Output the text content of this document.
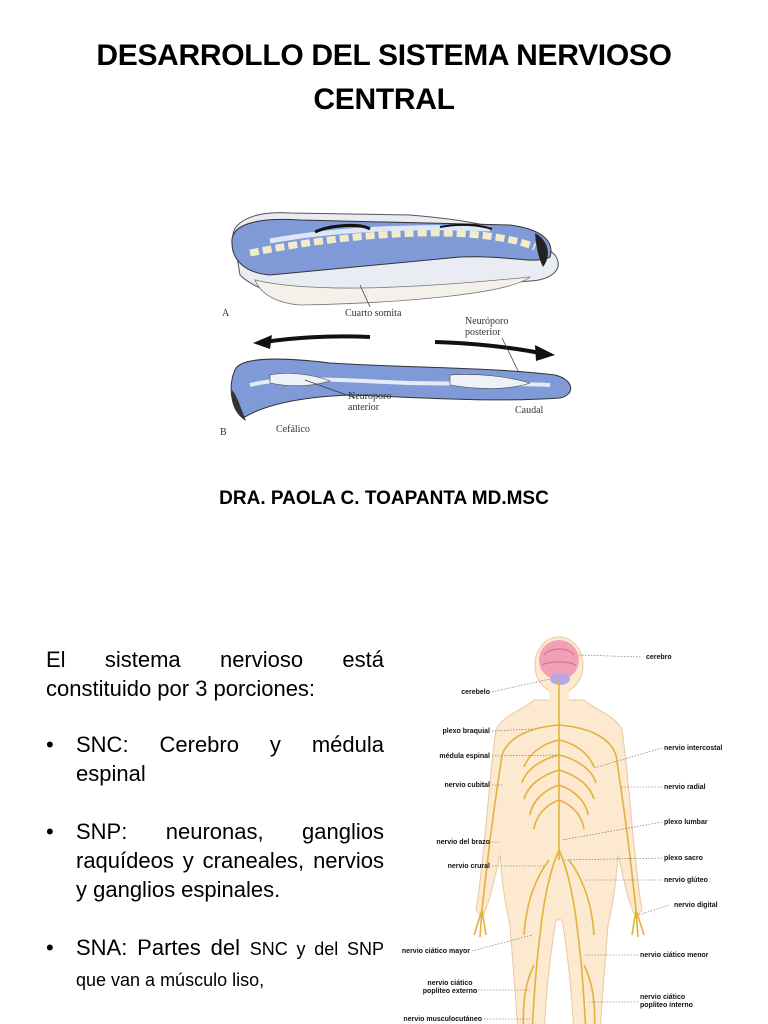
DESARROLLO DEL SISTEMA NERVIOSO
CENTRAL
A	Cuarto somita
Neuróporo
posterior
Neuroporo
anterior	Caudal
B	Cefálico
DRA. PAOLA C. TOAPANTA MD.MSC

El sistema nervioso está constituido por 3 porciones:

• SNC: Cerebro y médula espinal
• SNP: neuronas, ganglios raquídeos y craneales, nervios y ganglios espinales.
• SNA: Partes del SNC y del SNP que van a músculo liso,
cerebro
cerebelo
plexo braquial
médula espinal
nervio intercostal
nervio cubital	nervio radial
plexo lumbar
nervio del brazo
plexo sacro
nervio crural
nervio glúteo
nervio digital
nervio ciático mayor
nervio ciático menor
nervio ciático
popliteo externo
nervio ciático
popliteo interno
nervio musculocutáneo
